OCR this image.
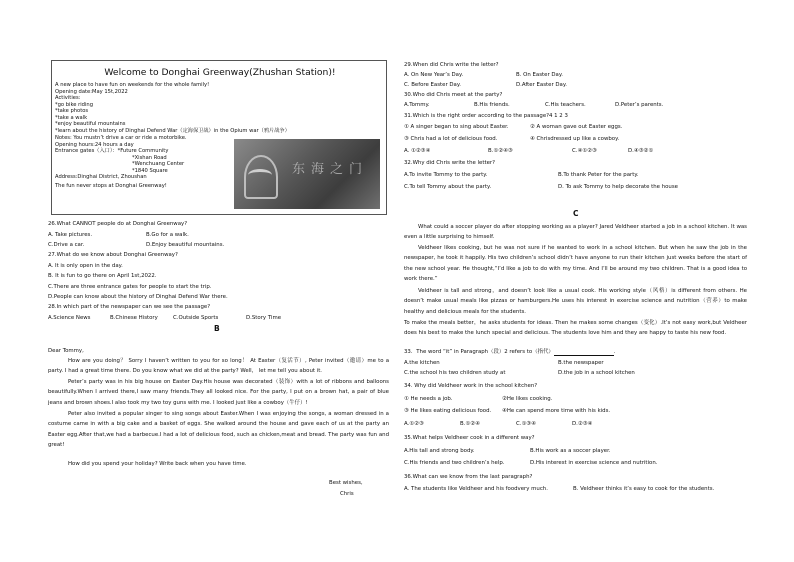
Welcome to Donghai Greenway(Zhushan Station)!
A new place to have fun on weekends for the whole family!
Opening date:May 15t,2022
Activities:
*go bike riding
*take photos
*take a walk
*enjoy beautiful mountains
*learn about the history of Dinghai Defend War（定海保卫战）in the Opium war（鸦片战争）
Notes: You mustn’t drive a car or ride a motorbike.
Opening hours:24 hours a day
Entrance gates（入口）：*Future Community
*Xishan Road
*Wenchuang Center
*1840 Square
Address:Dinghai District, Zhoushan
The fun never stops at Donghai Greenway!
东海之门
26.What CANNOT people do at Donghai Greenway?
A. Take pictures.	B.Go for a walk.
C.Drive a car.	D.Enjoy beautiful mountains.
27.What do we know about Donghai Greenway?
A. It is only open in the day.
B. It is fun to go there on April 1st,2022.
C.There are three entrance gates for people to start the trip.
D.People can know about the history of Dinghai Defend War there.
28.In which part of the newspaper can we see the passage?
A.Science News	B.Chinese History	C.Outside Sports	D.Story Time
B
Dear Tommy,
How are you doing？ Sorry I haven’t written to you for so long！ At Easter（复活节）, Peter invited（邀请）me to a party. I had a great time there. Do you know what we did at the party? Well， let me tell you about it.
Peter’s party was in his big house on Easter Day.His house was decorated（装饰）with a lot of ribbons and balloons beautifully.When I arrived there,I saw many friends.They all looked nice. For the party, I put on a brown hat, a pair of blue jeans and brown shoes.I also took my two toy guns with me. I looked just like a cowboy（牛仔）!
Peter also invited a popular singer to sing songs about Easter.When I was enjoying the songs, a woman dressed in a costume came in with a big cake and a basket of eggs. She walked around the house and gave each of us at the party an Easter egg.After that,we had a barbecue.I had a lot of delicious food, such as chicken,meat and bread. The party was fun and great!
How did you spend your holiday? Write back when you have time.
Best wishes,
Chris
29.When did Chris write the letter?
A. On New Year’s Day.	B. On Easter Day.
C. Before Easter Day.	D.After Easter Day.
30.Who did Chris meet at the party?
A.Tommy.	B.His friends.	C.His teachers.	D.Peter’s parents.
31.Which is the right order according to the passage?4 1 2 3
① A singer began to sing about Easter.	② A woman gave out Easter eggs.
③ Chris had a lot of delicious food.	④ Chrisdressed up like a cowboy.
A. ①②③④	B.①②④③	C.④①②③	D.④③②①
32.Why did Chris write the letter?
A.To invite Tommy to the party.	B.To thank Peter for the party.
C.To tell Tommy about the party.	D. To ask Tommy to help decorate the house
C
What could a soccer player do after stopping working as a player? Jared Veldheer started a job in a school kitchen. It was even a little surprising to himself.
Veldheer likes cooking, but he was not sure if he wanted to work in a school kitchen. But when he saw the job in the newspaper, he took it happily. His two children’s school didn’t have anyone to run their kitchen just weeks before the start of the new school year. He thought,“I’d like a job to do with my time. And I’ll be around my two children. That is a good idea to work there.”
Veldheer is tall and strong，and doesn’t look like a usual cook. His working style（风格）is different from others. He doesn’t make usual meals like pizzas or hamburgers.He uses his interest in exercise science and nutrition（营养）to make healthy and delicious meals for the students.
To make the meals better，he asks students for ideas. Then he makes some changes（变化）.It’s not easy work,but Veldheer does his best to make the lunch special and delicious. The students love him and they are happy to taste his new food.
33．The word “it” in Paragraph（段）2 refers to（指代）	.
A.the kitchen	B.the newspaper
C.the school his two children study at	D.the job in a school kitchen
34. Why did Veldheer work in the school kitchen?
① He needs a job.	②He likes cooking.
③ He likes eating delicious food. ④He can spend more time with his kids.
A.①②③	B.①②④	C.①③④	D.②③④
35.What helps Veldheer cook in a different way?
A.His tall and strong body.	B.His work as a soccer player.
C.His friends and two children’s help.	D.His interest in exercise science and nutrition.
36.What can we know from the last paragraph?
A. The students like Veldheer and his foodvery much.	B. Veldheer thinks it’s easy to cook for the students.
